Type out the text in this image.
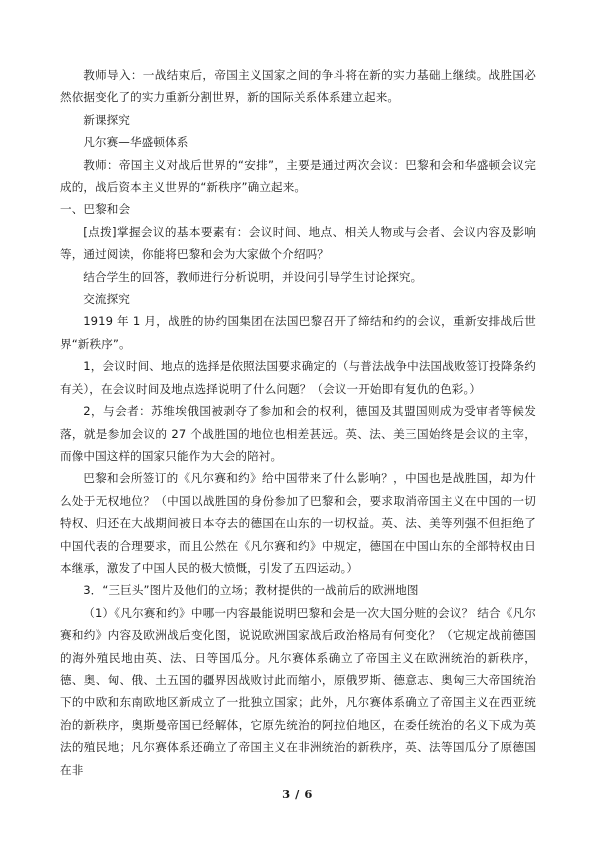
教师导入：一战结束后，帝国主义国家之间的争斗将在新的实力基础上继续。战胜国必然依据变化了的实力重新分割世界，新的国际关系体系建立起来。

新课探究

凡尔赛—华盛顿体系

教师：帝国主义对战后世界的“安排”，主要是通过两次会议：巴黎和会和华盛顿会议完成的，战后资本主义世界的“新秩序”确立起来。

一、巴黎和会

[点拨]掌握会议的基本要素有：会议时间、地点、相关人物或与会者、会议内容及影响等，通过阅读，你能将巴黎和会为大家做个介绍吗？

结合学生的回答，教师进行分析说明，并设问引导学生讨论探究。

交流探究

1919 年 1 月，战胜的协约国集团在法国巴黎召开了缔结和约的会议，重新安排战后世界“新秩序”。

1，会议时间、地点的选择是依照法国要求确定的（与普法战争中法国战败签订投降条约有关），在会议时间及地点选择说明了什么问题？（会议一开始即有复仇的色彩。）

2，与会者：苏维埃俄国被剥夺了参加和会的权利，德国及其盟国则成为受审者等候发落，就是参加会议的 27 个战胜国的地位也相差甚远。英、法、美三国始终是会议的主宰，而像中国这样的国家只能作为大会的陪衬。

巴黎和会所签订的《凡尔赛和约》给中国带来了什么影响？，中国也是战胜国，却为什么处于无权地位？（中国以战胜国的身份参加了巴黎和会，要求取消帝国主义在中国的一切特权、归还在大战期间被日本夺去的德国在山东的一切权益。英、法、美等列强不但拒绝了中国代表的合理要求，而且公然在《凡尔赛和约》中规定，德国在中国山东的全部特权由日本继承，激发了中国人民的极大愤慨，引发了五四运动。）

3．“三巨头”图片及他们的立场；教材提供的一战前后的欧洲地图

（1）《凡尔赛和约》中哪一内容最能说明巴黎和会是一次大国分赃的会议？ 结合《凡尔赛和约》内容及欧洲战后变化图，说说欧洲国家战后政治格局有何变化？（它规定战前德国的海外殖民地由英、法、日等国瓜分。凡尔赛体系确立了帝国主义在欧洲统治的新秩序，德、奥、匈、俄、土五国的疆界因战败讨此而缩小，原俄罗斯、德意志、奥匈三大帝国统治下的中欧和东南欧地区新成立了一批独立国家；此外，凡尔赛体系确立了帝国主义在西亚统治的新秩序，奥斯曼帝国已经解体，它原先统治的阿拉伯地区，在委任统治的名义下成为英法的殖民地；凡尔赛体系还确立了帝国主义在非洲统治的新秩序，英、法等国瓜分了原德国在非

3 / 6
